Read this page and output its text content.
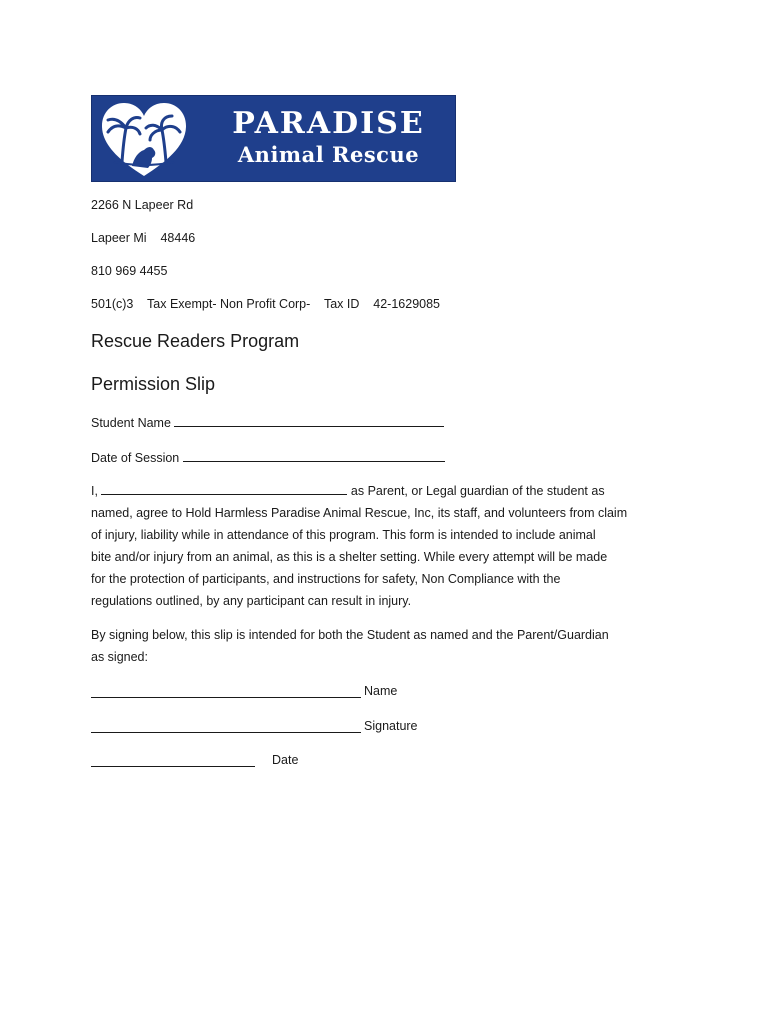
PARADISE
Animal Rescue
2266 N Lapeer Rd
Lapeer Mi    48446
810 969 4455
501(c)3    Tax Exempt- Non Profit Corp-    Tax ID    42-1629085
Rescue Readers Program
Permission Slip
Student Name
Date of Session
I,	as Parent, or Legal guardian of the student as
named, agree to Hold Harmless Paradise Animal Rescue, Inc, its staff, and volunteers from claim
of injury, liability while in attendance of this program. This form is intended to include animal
bite and/or injury from an animal, as this is a shelter setting. While every attempt will be made
for the protection of participants, and instructions for safety, Non Compliance with the
regulations outlined, by any participant can result in injury.
By signing below, this slip is intended for both the Student as named and the Parent/Guardian
as signed:
Name
Signature
Date
